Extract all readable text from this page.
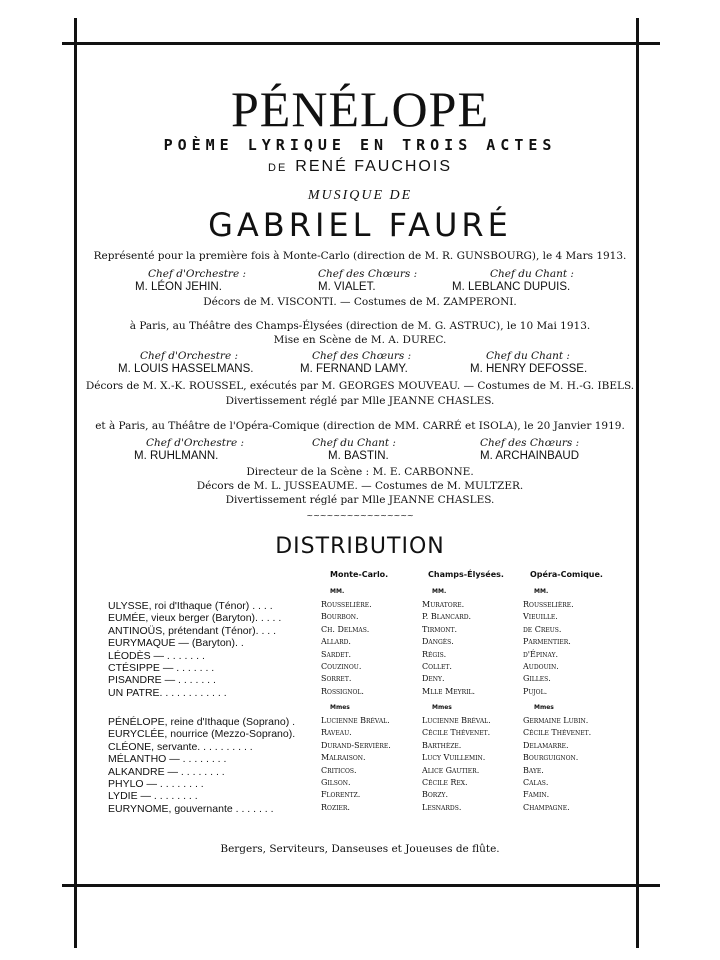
PÉNÉLOPE
POÈME LYRIQUE EN TROIS ACTES
DE RENÉ FAUCHOIS
MUSIQUE DE
GABRIEL FAURÉ
Représenté pour la première fois à Monte-Carlo (direction de M. R. GUNSBOURG), le 4 Mars 1913.
Chef d'Orchestre :	Chef des Chœurs :	Chef du Chant :
M. LÉON JEHIN.	M. VIALET.	M. LEBLANC DUPUIS.
Décors de M. VISCONTI. — Costumes de M. ZAMPERONI.
à Paris, au Théâtre des Champs-Élysées (direction de M. G. ASTRUC), le 10 Mai 1913.
Mise en Scène de M. A. DUREC.
Chef d'Orchestre :	Chef des Chœurs :	Chef du Chant :
M. LOUIS HASSELMANS.	M. FERNAND LAMY.	M. HENRY DEFOSSE.
Décors de M. X.-K. ROUSSEL, exécutés par M. GEORGES MOUVEAU. — Costumes de M. H.-G. IBELS.
Divertissement réglé par Mlle JEANNE CHASLES.
et à Paris, au Théâtre de l'Opéra-Comique (direction de MM. CARRÉ et ISOLA), le 20 Janvier 1919.
Chef d'Orchestre :	Chef du Chant :	Chef des Chœurs :
M. RUHLMANN.	M. BASTIN.	M. ARCHAINBAUD
Directeur de la Scène : M. E. CARBONNE.
Décors de M. L. JUSSEAUME. — Costumes de M. MULTZER.
Divertissement réglé par Mlle JEANNE CHASLES.
~~~~~~~~~~~~~~~~
DISTRIBUTION
Monte-Carlo.	Champs-Élysées.	Opéra-Comique.
MM.	MM.	MM.
ULYSSE, roi d'Ithaque (Ténor) . . . .	Rousselière.	Muratore.	Rousselière.
EUMÉE, vieux berger (Baryton). . . . .	Bourbon.	P. Blancard.	Vieuille.
ANTINOÜS, prétendant (Ténor). . . .	Ch. Delmas.	Tirmont.	de Creus.
EURYMAQUE — (Baryton). .	Allard.	Dangès.	Parmentier.
LÉODÈS — . . . . . . .	Sardet.	Régis.	d'Épinay.
CTÉSIPPE — . . . . . . .	Couzinou.	Collet.	Audouin.
PISANDRE — . . . . . . .	Sorret.	Deny.	Gilles.
UN PATRE. . . . . . . . . . . .	Rossignol.	Mlle Meyril.	Pujol.
Mmes	Mmes	Mmes
PÉNÉLOPE, reine d'Ithaque (Soprano) .	Lucienne Bréval.	Lucienne Bréval.	Germaine Lubin.
EURYCLÉE, nourrice (Mezzo-Soprano).	Raveau.	Cécile Thévenet.	Cécile Thévenet.
CLÉONE, servante. . . . . . . . . .	Durand-Servière.	Barthèze.	Delamarre.
MÉLANTHO — . . . . . . . .	Malraison.	Lucy Vuillemin.	Bourguignon.
ALKANDRE — . . . . . . . .	Criticos.	Alice Gautier.	Baye.
PHYLO — . . . . . . . .	Gilson.	Cécile Rex.	Calas.
LYDIE — . . . . . . . .	Florentz.	Borzy.	Famin.
EURYNOME, gouvernante . . . . . . .	Rozier.	Lesnards.	Champagne.
Bergers, Serviteurs, Danseuses et Joueuses de flûte.
